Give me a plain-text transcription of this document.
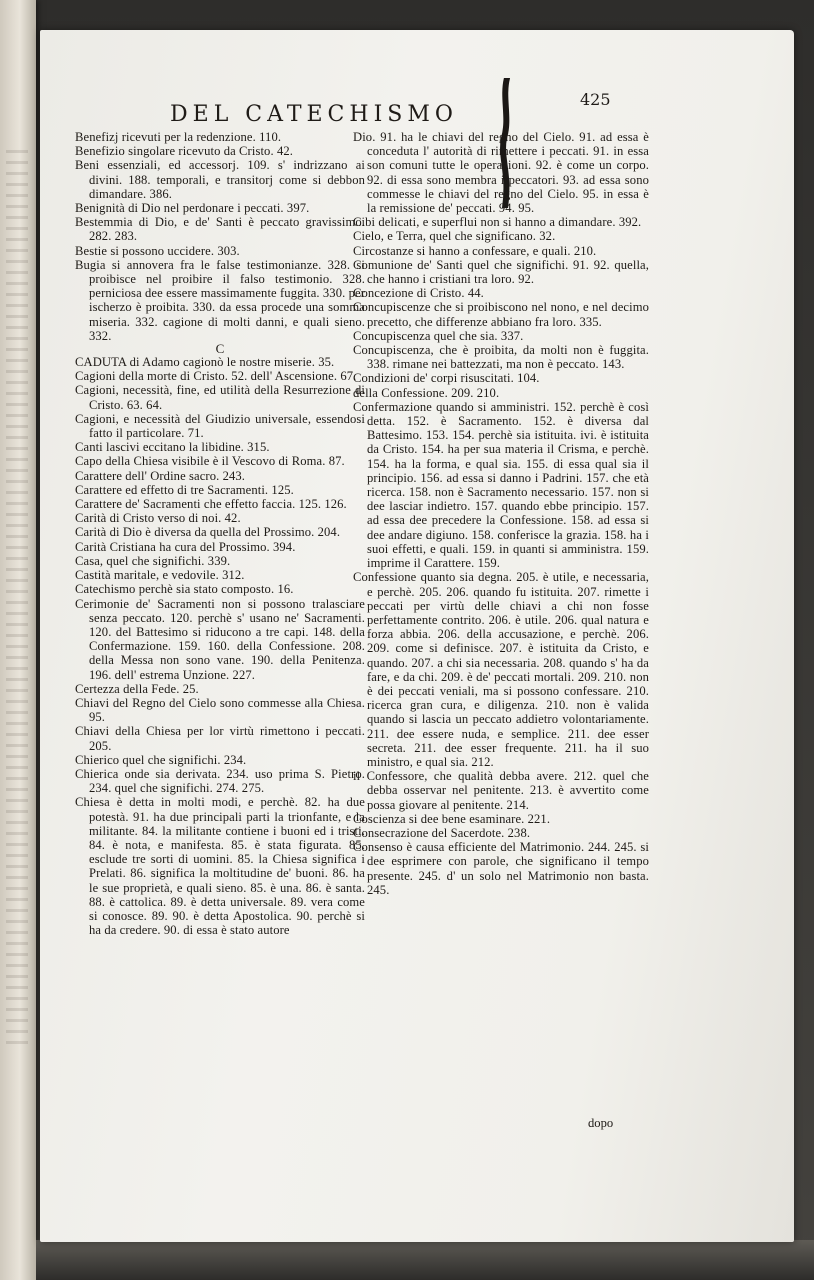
DEL CATECHISMO
425

Benefizj ricevuti per la redenzione. 110.

Benefizio singolare ricevuto da Cristo. 42.

Beni essenziali, ed accessorj. 109. s' indrizzano ai divini. 188. temporali, e transitorj come si debbon dimandare. 386.

Benignità di Dio nel perdonare i peccati. 397.

Bestemmia di Dio, e de' Santi è peccato gravissimo. 282. 283.

Bestie si possono uccidere. 303.

Bugia si annovera fra le false testimonianze. 328. si proibisce nel proibire il falso testimonio. 328. perniciosa dee essere massimamente fuggita. 330. per ischerzo è proibita. 330. da essa procede una somma miseria. 332. cagione di molti danni, e quali sieno. 332.

C

CADUTA di Adamo cagionò le nostre miserie. 35.

Cagioni della morte di Cristo. 52. dell' Ascensione. 67.

Cagioni, necessità, fine, ed utilità della Resurrezione di Cristo. 63. 64.

Cagioni, e necessità del Giudizio universale, essendosi fatto il particolare. 71.

Canti lascivi eccitano la libidine. 315.

Capo della Chiesa visibile è il Vescovo di Roma. 87.

Carattere dell' Ordine sacro. 243.

Carattere ed effetto di tre Sacramenti. 125.

Carattere de' Sacramenti che effetto faccia. 125. 126.

Carità di Cristo verso di noi. 42.

Carità di Dio è diversa da quella del Prossimo. 204.

Carità Cristiana ha cura del Prossimo. 394.

Casa, quel che significhi. 339.

Castità maritale, e vedovile. 312.

Catechismo perchè sia stato composto. 16.

Cerimonie de' Sacramenti non si possono tralasciare senza peccato. 120. perchè s' usano ne' Sacramenti. 120. del Battesimo si riducono a tre capi. 148. della Confermazione. 159. 160. della Confessione. 208. della Messa non sono vane. 190. della Penitenza. 196. dell' estrema Unzione. 227.

Certezza della Fede. 25.

Chiavi del Regno del Cielo sono commesse alla Chiesa. 95.

Chiavi della Chiesa per lor virtù rimettono i peccati. 205.

Chierico quel che significhi. 234.

Chierica onde sia derivata. 234. uso prima S. Pietro. 234. quel che significhi. 274. 275.

Chiesa è detta in molti modi, e perchè. 82. ha due potestà. 91. ha due principali parti la trionfante, e la militante. 84. la militante contiene i buoni ed i tristi. 84. è nota, e manifesta. 85. è stata figurata. 85. esclude tre sorti di uomini. 85. la Chiesa significa i Prelati. 86. significa la moltitudine de' buoni. 86. ha le sue proprietà, e quali sieno. 85. è una. 86. è santa. 88. è cattolica. 89. è detta universale. 89. vera come si conosce. 89. 90. è detta Apostolica. 90. perchè si ha da credere. 90. di essa è stato autore

Dio. 91. ha le chiavi del regno del Cielo. 91. ad essa è conceduta l' autorità di rimettere i peccati. 91. in essa son comuni tutte le operazioni. 92. è come un corpo. 92. di essa sono membra i peccatori. 93. ad essa sono commesse le chiavi del regno del Cielo. 95. in essa è la remissione de' peccati. 94. 95.

Cibi delicati, e superflui non si hanno a dimandare. 392.

Cielo, e Terra, quel che significano. 32.

Circostanze si hanno a confessare, e quali. 210.

Comunione de' Santi quel che significhi. 91. 92. quella, che hanno i cristiani tra loro. 92.

Concezione di Cristo. 44.

Concupiscenze che si proibiscono nel nono, e nel decimo precetto, che differenze abbiano fra loro. 335.

Concupiscenza quel che sia. 337.

Concupiscenza, che è proibita, da molti non è fuggita. 338. rimane nei battezzati, ma non è peccato. 143.

Condizioni de' corpi risuscitati. 104.

della Confessione. 209. 210.

Confermazione quando si amministri. 152. perchè è così detta. 152. è Sacramento. 152. è diversa dal Battesimo. 153. 154. perchè sia istituita. ivi. è istituita da Cristo. 154. ha per sua materia il Crisma, e perchè. 154. ha la forma, e qual sia. 155. di essa qual sia il principio. 156. ad essa si danno i Padrini. 157. che età ricerca. 158. non è Sacramento necessario. 157. non si dee lasciar indietro. 157. quando ebbe principio. 157. ad essa dee precedere la Confessione. 158. ad essa si dee andare digiuno. 158. conferisce la grazia. 158. ha i suoi effetti, e quali. 159. in quanti si amministra. 159. imprime il Carattere. 159.

Confessione quanto sia degna. 205. è utile, e necessaria, e perchè. 205. 206. quando fu istituita. 207. rimette i peccati per virtù delle chiavi a chi non fosse perfettamente contrito. 206. è utile. 206. qual natura e forza abbia. 206. della accusazione, e perchè. 206. 209. come si definisce. 207. è istituita da Cristo, e quando. 207. a chi sia necessaria. 208. quando s' ha da fare, e da chi. 209. è de' peccati mortali. 209. 210. non è dei peccati veniali, ma si possono confessare. 210. ricerca gran cura, e diligenza. 210. non è valida quando si lascia un peccato addietro volontariamente. 211. dee essere nuda, e semplice. 211. dee esser secreta. 211. dee esser frequente. 211. ha il suo ministro, e qual sia. 212.

il Confessore, che qualità debba avere. 212. quel che debba osservar nel penitente. 213. è avvertito come possa giovare al penitente. 214.

Coscienza si dee bene esaminare. 221.

Consecrazione del Sacerdote. 238.

Consenso è causa efficiente del Matrimonio. 244. 245. si dee esprimere con parole, che significano il tempo presente. 245. d' un solo nel Matrimonio non basta. 245.

dopo
